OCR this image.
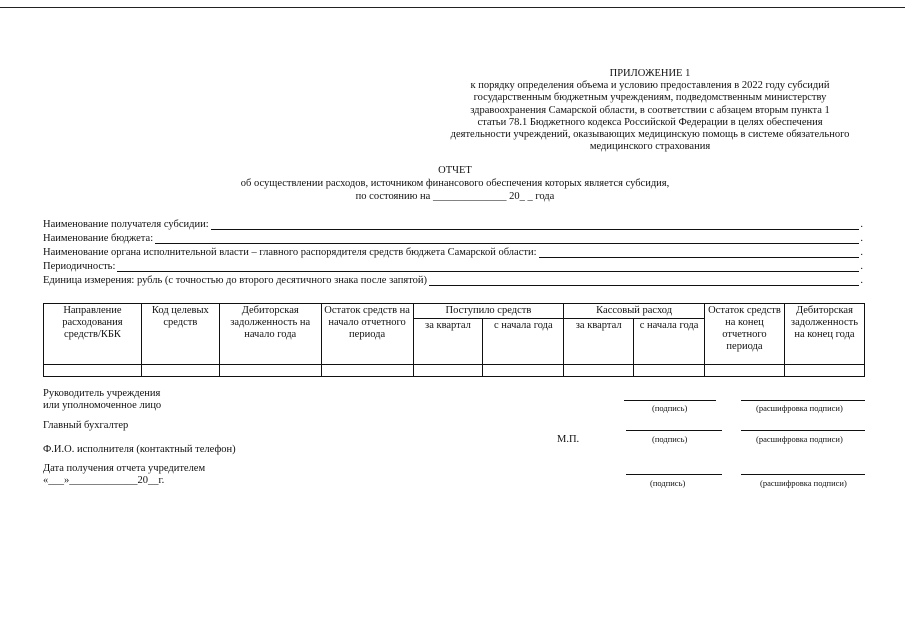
ПРИЛОЖЕНИЕ 1
к порядку определения объема и условию предоставления в 2022 году субсидий
государственным бюджетным учреждениям, подведомственным министерству
здравоохранения Самарской области, в соответствии с абзацем вторым пункта 1
статьи 78.1 Бюджетного кодекса Российской Федерации в целях обеспечения
деятельности учреждений, оказывающих медицинскую помощь в системе обязательного
медицинского страхования
ОТЧЕТ
об осуществлении расходов, источником финансового обеспечения которых является субсидия,
по состоянию на ______________ 20_ _ года
Наименование получателя субсидии:	.
Наименование бюджета:	.
Наименование органа исполнительной власти – главного распорядителя средств бюджета Самарской области:	.
Периодичность:	.
Единица измерения: рубль (с точностью до второго десятичного знака после запятой)	.
Направление расходования средств/КБК	Код целевых средств	Дебиторская задолженность на начало года	Остаток средств на начало отчетного периода	Поступило средств		Кассовый расход		Остаток средств на конец отчетного периода	Дебиторская задолженность на конец года
				за квартал	с начала года	за квартал	с начала года		

Руководитель учреждения
или уполномоченное лицо	(подпись)	(расшифровка подписи)
Главный бухгалтер
М.П.	(подпись)	(расшифровка подписи)
Ф.И.О. исполнителя (контактный телефон)
Дата получения отчета учредителем
«___»_____________20__г.	(подпись)	(расшифровка подписи)
